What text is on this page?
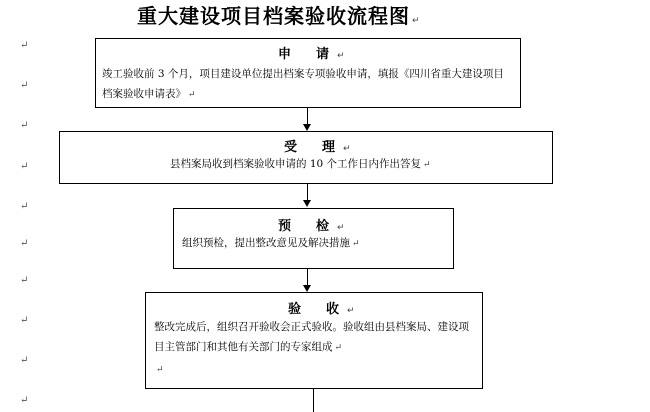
重大建设项目档案验收流程图 ↵
↵
↵
↵
↵
↵
↵
↵
↵
↵
↵
申　请 ↵
竣工验收前 3 个月，项目建设单位提出档案专项验收申请，填报《四川省重大建设项目档案验收申请表》 ↵
受　理 ↵
县档案局收到档案验收申请的 10 个工作日内作出答复 ↵
预　检 ↵
组织预检，提出整改意见及解决措施 ↵
验　收 ↵
整改完成后，组织召开验收会正式验收。验收组由县档案局、建设项目主管部门和其他有关部门的专家组成 ↵
↵
